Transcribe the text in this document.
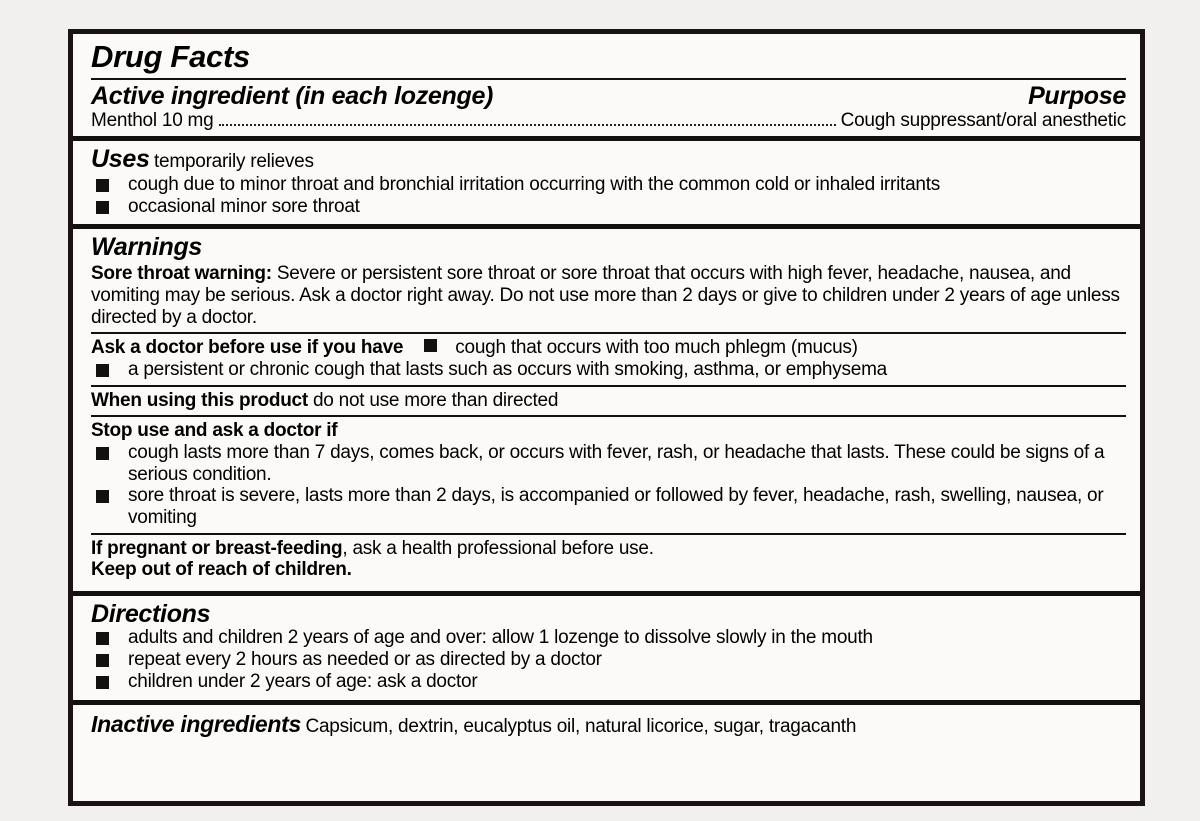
Drug Facts
Active ingredient (in each lozenge)	Purpose
Menthol 10 mg	Cough suppressant/oral anesthetic
Uses temporarily relieves
cough due to minor throat and bronchial irritation occurring with the common cold or inhaled irritants
occasional minor sore throat
Warnings

Sore throat warning: Severe or persistent sore throat or sore throat that occurs with high fever, headache, nausea, and vomiting may be serious. Ask a doctor right away. Do not use more than 2 days or give to children under 2 years of age unless directed by a doctor.

Ask a doctor before use if you have	cough that occurs with too much phlegm (mucus)

a persistent or chronic cough that lasts such as occurs with smoking, asthma, or emphysema

When using this product do not use more than directed

Stop use and ask a doctor if

cough lasts more than 7 days, comes back, or occurs with fever, rash, or headache that lasts. These could be signs of a serious condition.
sore throat is severe, lasts more than 2 days, is accompanied or followed by fever, headache, rash, swelling, nausea, or vomiting

If pregnant or breast-feeding, ask a health professional before use.

Keep out of reach of children.

Directions
adults and children 2 years of age and over: allow 1 lozenge to dissolve slowly in the mouth
repeat every 2 hours as needed or as directed by a doctor
children under 2 years of age: ask a doctor
Inactive ingredients Capsicum, dextrin, eucalyptus oil, natural licorice, sugar, tragacanth
